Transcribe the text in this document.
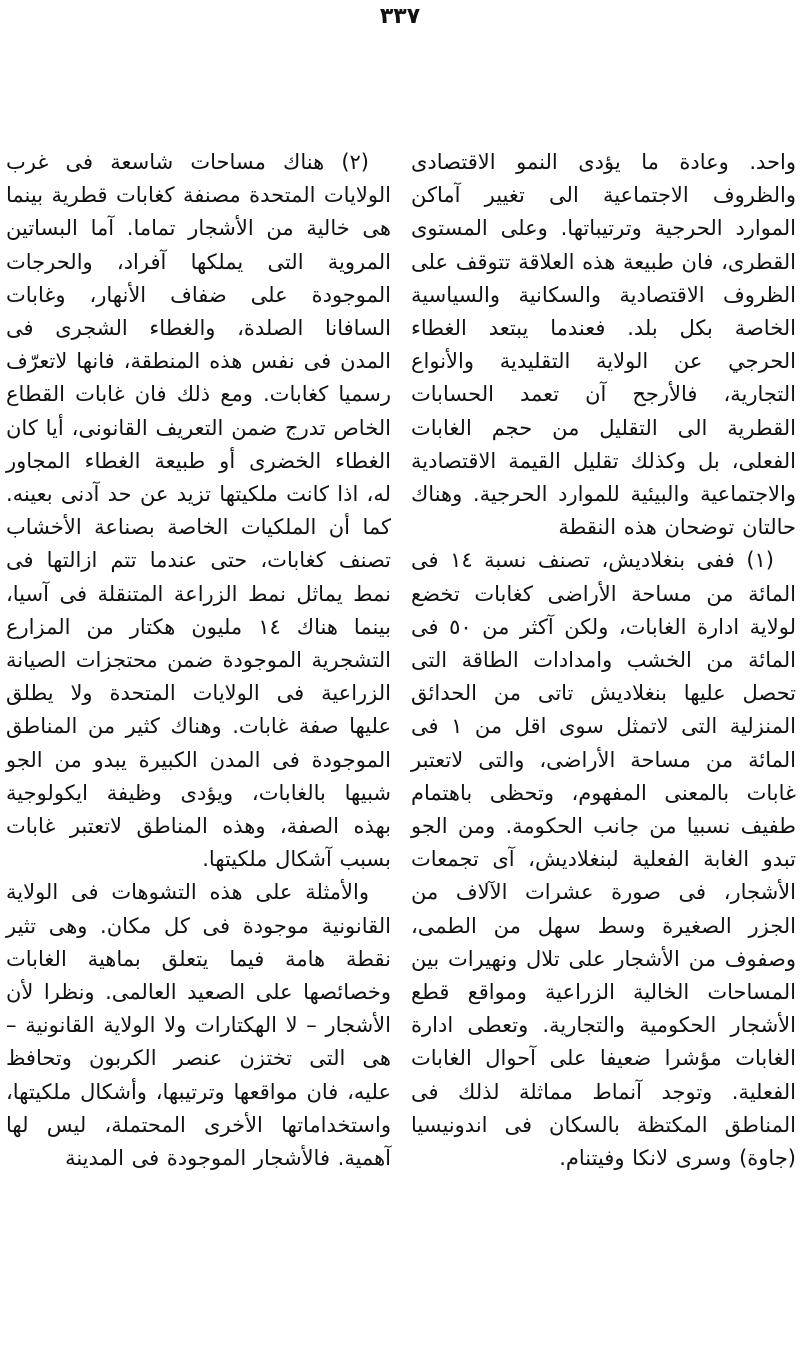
٣٣٧

واحد. وعادة ما يؤدى النمو الاقتصادى والظروف الاجتماعية الى تغيير آماكن الموارد الحرجية وترتيباتها. وعلى المستوى القطرى، فان طبيعة هذه العلاقة تتوقف على الظروف الاقتصادية والسكانية والسياسية الخاصة بكل بلد. فعندما يبتعد الغطاء الحرجي عن الولاية التقليدية والأنواع التجارية، فالأرجح آن تعمد الحسابات القطرية الى التقليل من حجم الغابات الفعلى، بل وكذلك تقليل القيمة الاقتصادية والاجتماعية والبيئية للموارد الحرجية. وهناك حالتان توضحان هذه النقطة

(١) ففى بنغلاديش، تصنف نسبة ١٤ فى المائة من مساحة الأراضى كغابات تخضع لولاية ادارة الغابات، ولكن آكثر من ٥٠ فى المائة من الخشب وامدادات الطاقة التى تحصل عليها بنغلاديش تاتى من الحدائق المنزلية التى لاتمثل سوى اقل من ١ فى المائة من مساحة الأراضى، والتى لاتعتبر غابات بالمعنى المفهوم، وتحظى باهتمام طفيف نسبيا من جانب الحكومة. ومن الجو تبدو الغابة الفعلية لبنغلاديش، آى تجمعات الأشجار، فى صورة عشرات الآلاف من الجزر الصغيرة وسط سهل من الطمى، وصفوف من الأشجار على تلال ونهيرات بين المساحات الخالية الزراعية ومواقع قطع الأشجار الحكومية والتجارية. وتعطى ادارة الغابات مؤشرا ضعيفا على آحوال الغابات الفعلية. وتوجد آنماط مماثلة لذلك فى المناطق المكتظة بالسكان فى اندونيسيا (جاوة) وسرى لانكا وفيتنام.

(٢) هناك مساحات شاسعة فى غرب الولايات المتحدة مصنفة كغابات قطرية بينما هى خالية من الأشجار تماما. آما البساتين المروية التى يملكها آفراد، والحرجات الموجودة على ضفاف الأنهار، وغابات السافانا الصلدة، والغطاء الشجرى فى المدن فى نفس هذه المنطقة، فانها لاتعرّف رسميا كغابات. ومع ذلك فان غابات القطاع الخاص تدرج ضمن التعريف القانونى، أيا كان الغطاء الخضرى أو طبيعة الغطاء المجاور له، اذا كانت ملكيتها تزيد عن حد آدنى بعينه. كما أن الملكيات الخاصة بصناعة الأخشاب تصنف كغابات، حتى عندما تتم ازالتها فى نمط يماثل نمط الزراعة المتنقلة فى آسيا، بينما هناك ١٤ مليون هكتار من المزارع التشجرية الموجودة ضمن محتجزات الصيانة الزراعية فى الولايات المتحدة ولا يطلق عليها صفة غابات. وهناك كثير من المناطق الموجودة فى المدن الكبيرة يبدو من الجو شبيها بالغابات، ويؤدى وظيفة ايكولوجية بهذه الصفة، وهذه المناطق لاتعتبر غابات بسبب آشكال ملكيتها.

والأمثلة على هذه التشوهات فى الولاية القانونية موجودة فى كل مكان. وهى تثير نقطة هامة فيما يتعلق بماهية الغابات وخصائصها على الصعيد العالمى. ونظرا لأن الأشجار – لا الهكتارات ولا الولاية القانونية – هى التى تختزن عنصر الكربون وتحافظ عليه، فان مواقعها وترتيبها، وأشكال ملكيتها، واستخداماتها الأخرى المحتملة، ليس لها آهمية. فالأشجار الموجودة فى المدينة
